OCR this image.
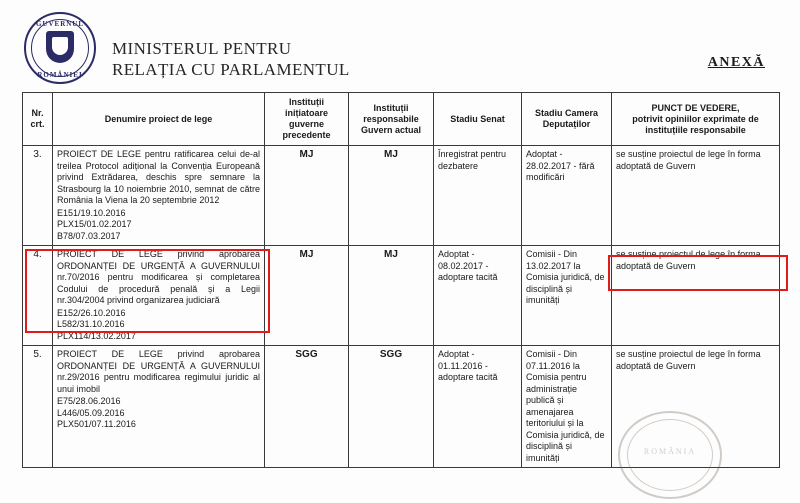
GUVERNUL
ROMÂNIEI
MINISTERUL PENTRU
RELAȚIA CU PARLAMENTUL	ANEXĂ
Nr.
crt.	Denumire proiect de lege	Instituții
inițiatoare
guverne
precedente	Instituții
responsabile
Guvern actual	Stadiu Senat	Stadiu Camera
Deputaților	PUNCT DE VEDERE,
potrivit opiniilor exprimate de
instituțiile responsabile
3.	PROIECT DE LEGE pentru ratificarea celui de-al treilea Protocol adițional la Convenția Europeană privind Extrădarea, deschis spre semnare la Strasbourg la 10 noiembrie 2010, semnat de către România la Viena la 20 septembrie 2012
E151/19.10.2016
PLX15/01.02.2017
B78/07.03.2017	MJ	MJ	Înregistrat pentru dezbatere	Adoptat - 28.02.2017 - fără modificări	se susține proiectul de lege în forma adoptată de Guvern
4.	PROIECT DE LEGE privind aprobarea ORDONANȚEI DE URGENȚĂ A GUVERNULUI nr.70/2016 pentru modificarea și completarea Codului de procedură penală și a Legii nr.304/2004 privind organizarea judiciară
E152/26.10.2016
L582/31.10.2016
PLX114/13.02.2017	MJ	MJ	Adoptat - 08.02.2017 - adoptare tacită	Comisii - Din 13.02.2017 la Comisia juridică, de disciplină și imunități	se susține proiectul de lege în forma adoptată de Guvern
5.	PROIECT DE LEGE privind aprobarea ORDONANȚEI DE URGENȚĂ A GUVERNULUI nr.29/2016 pentru modificarea regimului juridic al unui imobil
E75/28.06.2016
L446/05.09.2016
PLX501/07.11.2016	SGG	SGG	Adoptat - 01.11.2016 - adoptare tacită	Comisii - Din 07.11.2016 la Comisia pentru administrație publică și amenajarea teritoriului și la Comisia juridică, de disciplină și imunități	se susține proiectul de lege în forma adoptată de Guvern
ROMÂNIA
